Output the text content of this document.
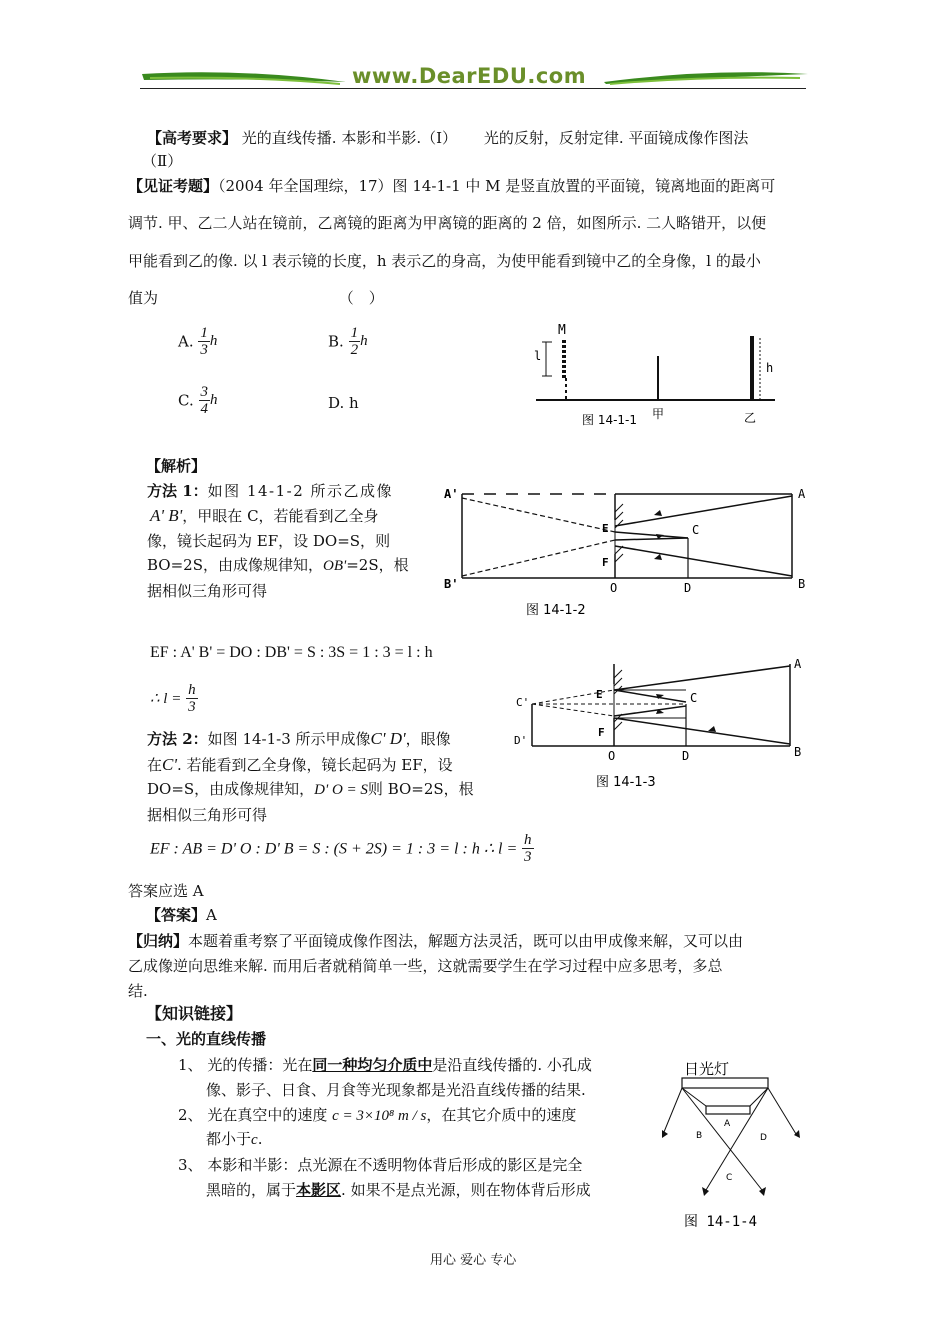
www.DearEDU.com
【高考要求】 光的直线传播. 本影和半影.（Ⅰ） 光的反射，反射定律. 平面镜成像作图法
（Ⅱ）
【见证考题】（2004 年全国理综，17）图 14-1-1 中 M 是竖直放置的平面镜，镜离地面的距离可
调节. 甲、乙二人站在镜前，乙离镜的距离为甲离镜的距离的 2 倍，如图所示. 二人略错开，以便
甲能看到乙的像. 以 l 表示镜的长度，h 表示乙的身高，为使甲能看到镜中乙的全身像，l 的最小
值为	（　）
A. $\frac{1}{3}$ h	B. $\frac{1}{2}$ h
C. $\frac{3}{4}$ h	D. h
M
l
h
图 14-1-1 甲	乙
【解析】
方法 1：如图 14-1-2 所示乙成像
A' B'，甲眼在 C，若能看到乙全身
像，镜长起码为 EF，设 DO=S，则
BO=2S，由成像规律知，OB'=2S，根
据相似三角形可得
A'
B'
A
B
E
F
C
O	D
图 14-1-2
EF : A' B' = DO : DB' = S : 3S = 1 : 3 = l : h
∴ $l = \frac{h}{3}$
方法 2：如图 14-1-3 所示甲成像C' D'，眼像
在C'. 若能看到乙全身像，镜长起码为 EF，设
DO=S，由成像规律知，D' O = S则 BO=2S，根
据相似三角形可得
C'
D'
A
B
E
F
C
O	D
图 14-1-3
EF : AB = D' O : D' B = S : (S + 2S) = 1 : 3 = l : h ∴ $l = \frac{h}{3}$
答案应选 A
【答案】A
【归纳】本题着重考察了平面镜成像作图法，解题方法灵活，既可以由甲成像来解，又可以由
乙成像逆向思维来解. 而用后者就稍简单一些，这就需要学生在学习过程中应多思考，多总
结.
【知识链接】
一、光的直线传播
1、 光的传播：光在同一种均匀介质中是沿直线传播的. 小孔成
像、影子、日食、月食等光现象都是光沿直线传播的结果.
2、 光在真空中的速度 c = 3×10⁸ m / s，在其它介质中的速度
都小于c.
3、 本影和半影：点光源在不透明物体背后形成的影区是完全
黑暗的，属于本影区. 如果不是点光源，则在物体背后形成
日光灯
A
B
C
D
图 14-1-4
用心 爱心 专心
